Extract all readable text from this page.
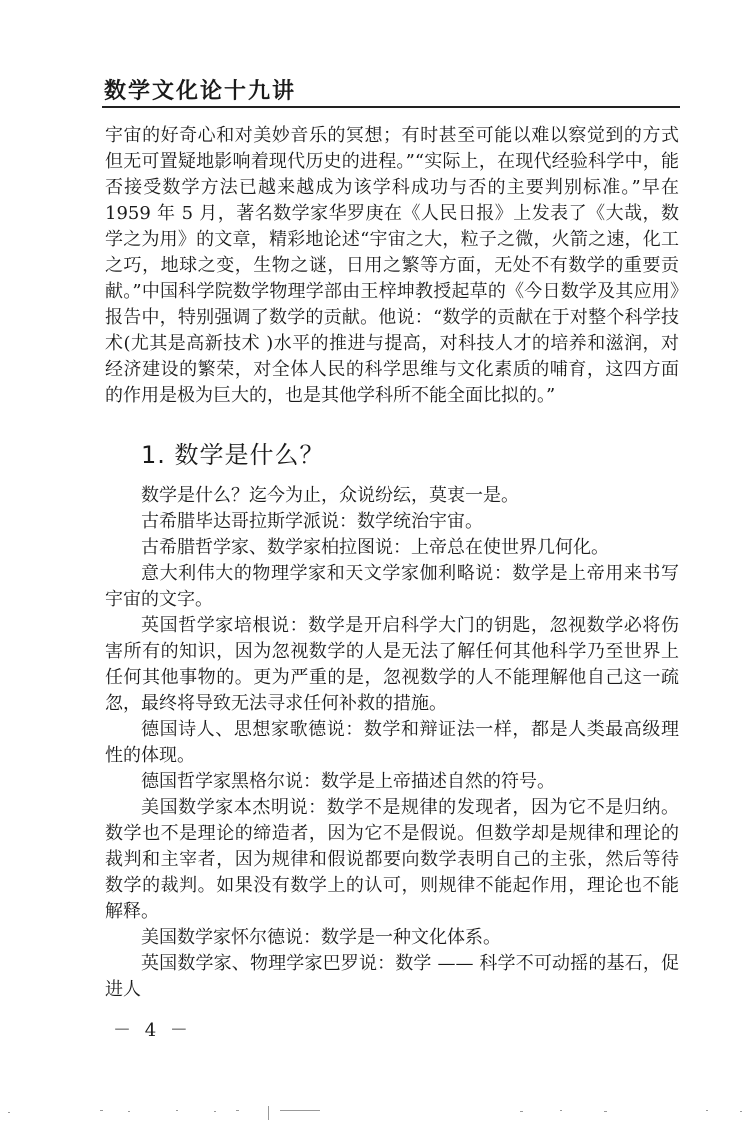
数学文化论十九讲

宇宙的好奇心和对美妙音乐的冥想；有时甚至可能以难以察觉到的方式但无可置疑地影响着现代历史的进程。”“实际上，在现代经验科学中，能否接受数学方法已越来越成为该学科成功与否的主要判别标准。”早在 1959 年 5 月，著名数学家华罗庚在《人民日报》上发表了《大哉，数学之为用》的文章，精彩地论述“宇宙之大，粒子之微，火箭之速，化工之巧，地球之变，生物之谜，日用之繁等方面，无处不有数学的重要贡献。”中国科学院数学物理学部由王梓坤教授起草的《今日数学及其应用》报告中，特别强调了数学的贡献。他说：“数学的贡献在于对整个科学技术(尤其是高新技术 )水平的推进与提高，对科技人才的培养和滋润，对经济建设的繁荣，对全体人民的科学思维与文化素质的哺育，这四方面的作用是极为巨大的，也是其他学科所不能全面比拟的。”

1. 数学是什么？

数学是什么？迄今为止，众说纷纭，莫衷一是。

古希腊毕达哥拉斯学派说：数学统治宇宙。

古希腊哲学家、数学家柏拉图说：上帝总在使世界几何化。

意大利伟大的物理学家和天文学家伽利略说：数学是上帝用来书写宇宙的文字。

英国哲学家培根说：数学是开启科学大门的钥匙，忽视数学必将伤害所有的知识，因为忽视数学的人是无法了解任何其他科学乃至世界上任何其他事物的。更为严重的是，忽视数学的人不能理解他自己这一疏忽，最终将导致无法寻求任何补救的措施。

德国诗人、思想家歌德说：数学和辩证法一样，都是人类最高级理性的体现。

德国哲学家黑格尔说：数学是上帝描述自然的符号。

美国数学家本杰明说：数学不是规律的发现者，因为它不是归纳。数学也不是理论的缔造者，因为它不是假说。但数学却是规律和理论的裁判和主宰者，因为规律和假说都要向数学表明自己的主张，然后等待数学的裁判。如果没有数学上的认可，则规律不能起作用，理论也不能解释。

美国数学家怀尔德说：数学是一种文化体系。

英国数学家、物理学家巴罗说：数学 —— 科学不可动摇的基石，促进人

－ 4 －
